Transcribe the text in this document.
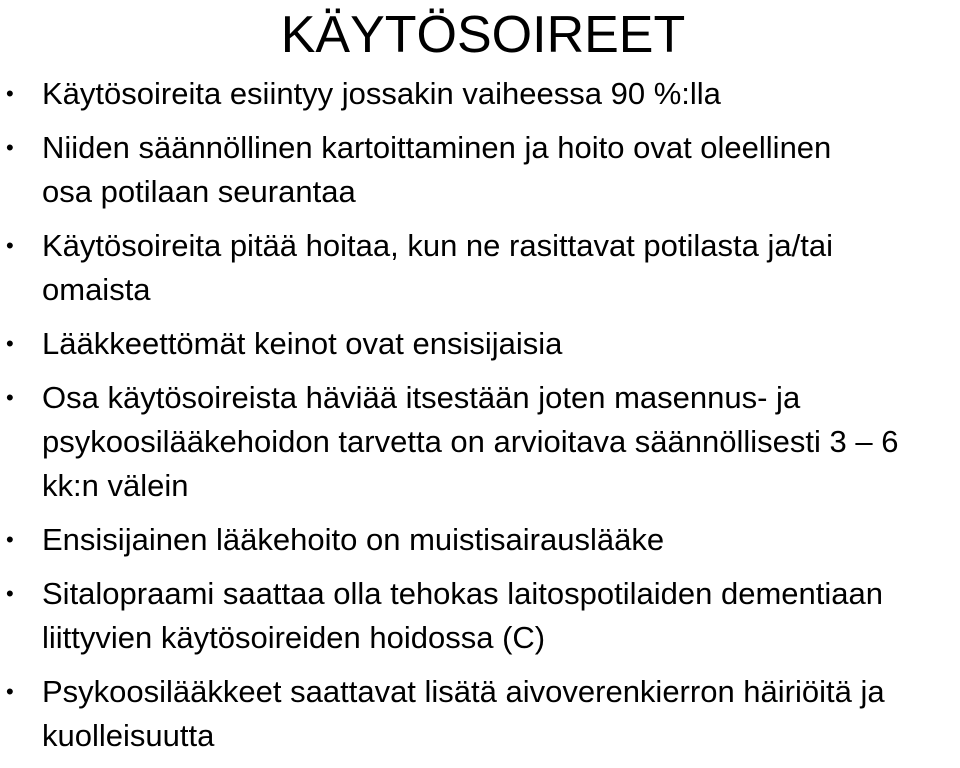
KÄYTÖSOIREET
• Käytösoireita esiintyy jossakin vaiheessa 90 %:lla
• Niiden säännöllinen kartoittaminen ja hoito ovat oleellinen
osa potilaan seurantaa
• Käytösoireita pitää hoitaa, kun ne rasittavat potilasta ja/tai
omaista
• Lääkkeettömät keinot ovat ensisijaisia
• Osa käytösoireista häviää itsestään joten masennus- ja
psykoosilääkehoidon tarvetta on arvioitava säännöllisesti 3 – 6
kk:n välein
• Ensisijainen lääkehoito on muistisairauslääke
• Sitalopraami saattaa olla tehokas laitospotilaiden dementiaan
liittyvien käytösoireiden hoidossa (C)
• Psykoosilääkkeet saattavat lisätä aivoverenkierron häiriöitä ja
kuolleisuutta
